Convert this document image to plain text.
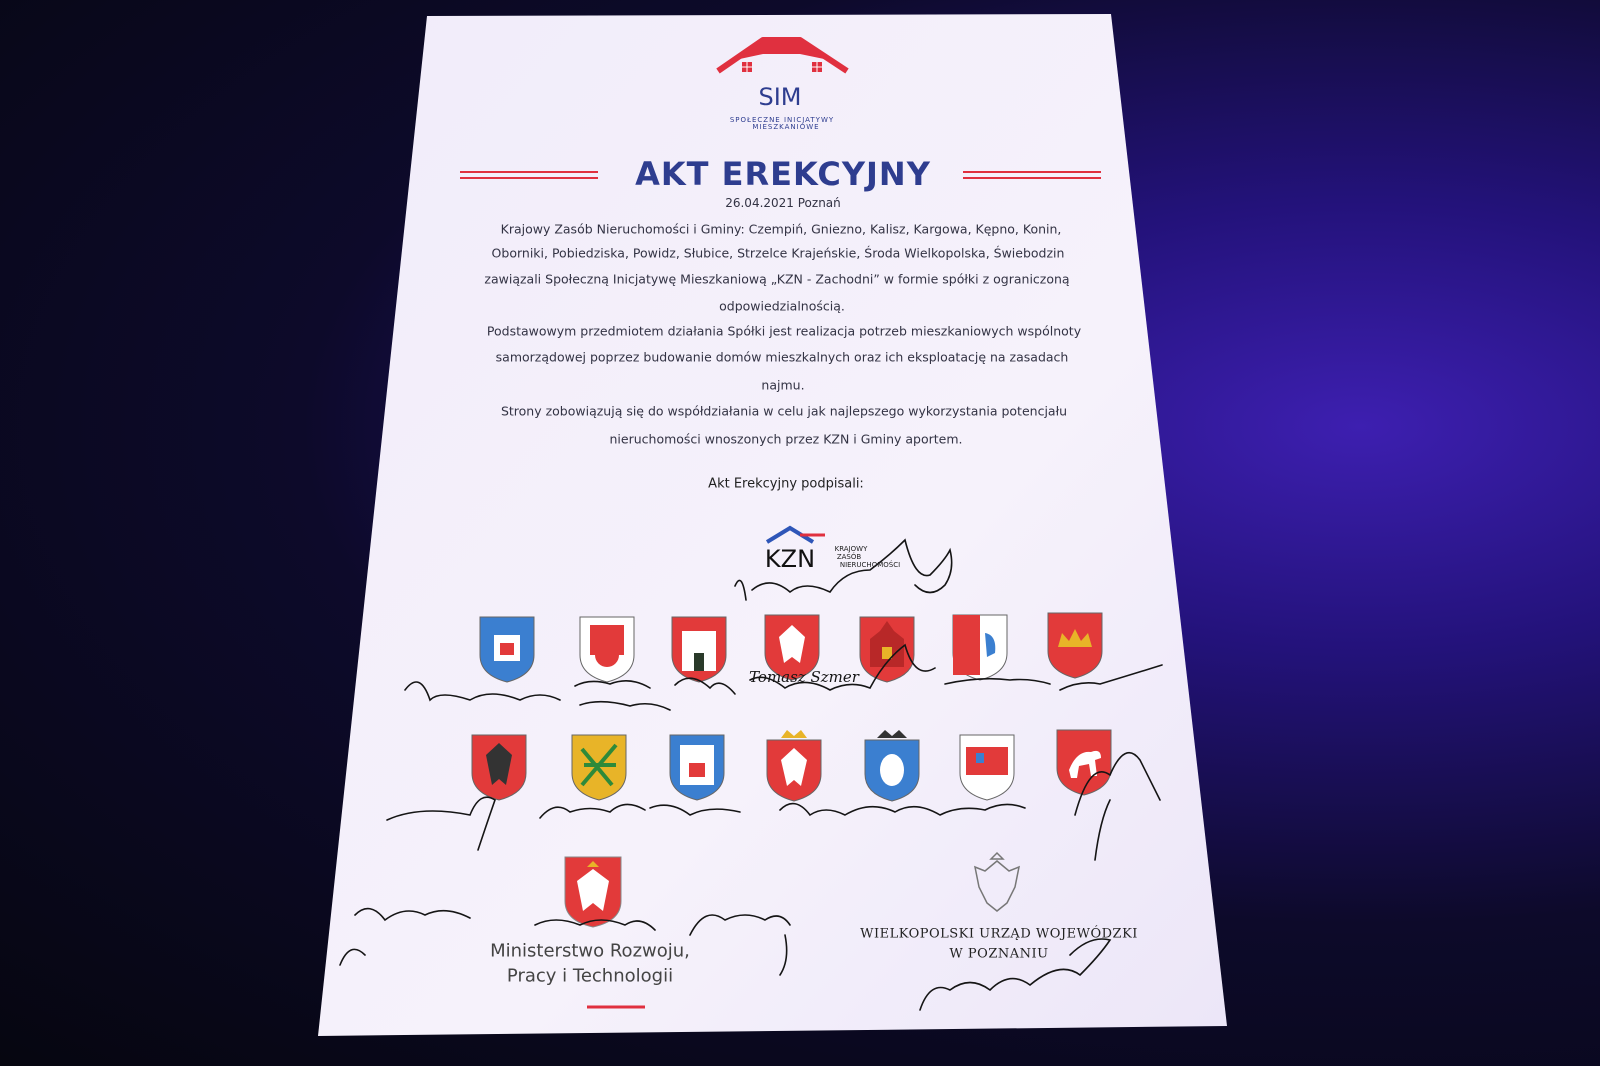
SIM
SPOŁECZNE INICJATYWY
MIESZKANIOWE
AKT EREKCYJNY
26.04.2021 Poznań
Krajowy Zasób Nieruchomości i Gminy: Czempiń, Gniezno, Kalisz, Kargowa, Kępno, Konin,
Oborniki, Pobiedziska, Powidz, Słubice, Strzelce Krajeńskie, Środa Wielkopolska, Świebodzin
zawiązali Społeczną Inicjatywę Mieszkaniową „KZN - Zachodni” w formie spółki z ograniczoną
odpowiedzialnością.
Podstawowym przedmiotem działania Spółki jest realizacja potrzeb mieszkaniowych wspólnoty
samorządowej poprzez budowanie domów mieszkalnych oraz ich eksploatację na zasadach
najmu.
Strony zobowiązują się do współdziałania w celu jak najlepszego wykorzystania potencjału
nieruchomości wnoszonych przez KZN i Gminy aportem.
Akt Erekcyjny podpisali:
KZN	KRAJOWY
ZASÓB
NIERUCHOMOŚCI
Tomasz Szmer
Ministerstwo Rozwoju,
Pracy i Technologii
WIELKOPOLSKI URZĄD WOJEWÓDZKI
W POZNANIU
